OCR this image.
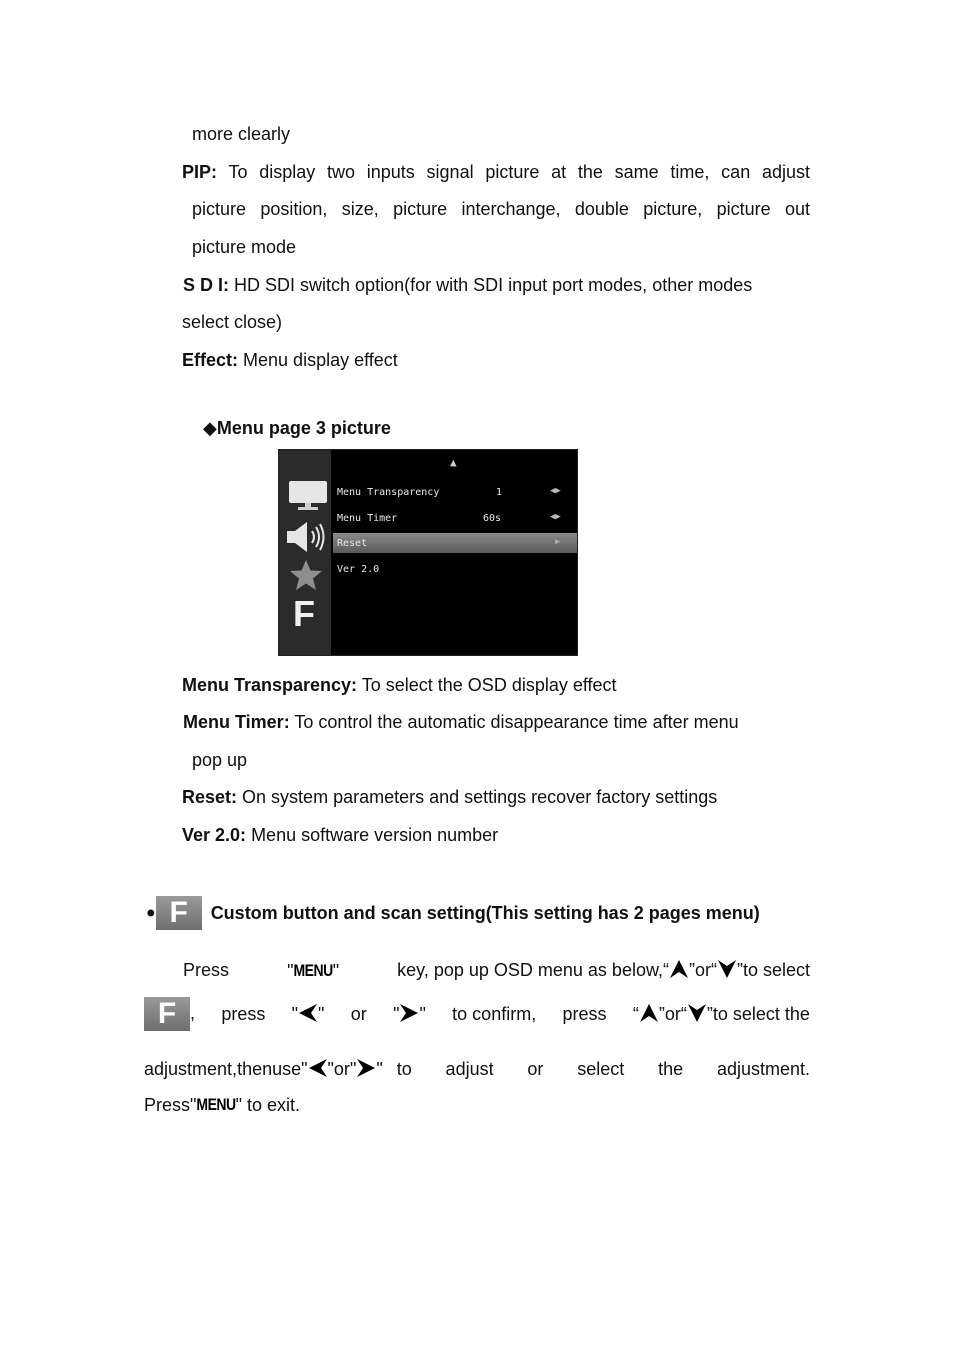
more clearly
PIP: To display two inputs signal picture at the same time, can adjust
picture position, size, picture interchange, double picture, picture out
picture mode
S D I: HD SDI switch option(for with SDI input port modes, other modes
select close)
Effect: Menu display effect
◆Menu page 3 picture
F
▲
Menu Transparency	1	◀▶
Menu Timer	60s	◀▶
Reset	▶
Ver 2.0
Menu Transparency: To select the OSD display effect
Menu Timer: To control the automatic disappearance time after menu
pop up
Reset: On system parameters and settings recover factory settings
Ver 2.0: Menu software version number
● F Custom button and scan setting(This setting has 2 pages menu)
Press	"MENU"	key, pop up OSD menu as below,“ ”or“ ”to select
F , press " " or " " to confirm, press “ ”or“ ”to select the
adjustment, then use " " or " " to adjust or select the adjustment.
Press"MENU" to exit.
